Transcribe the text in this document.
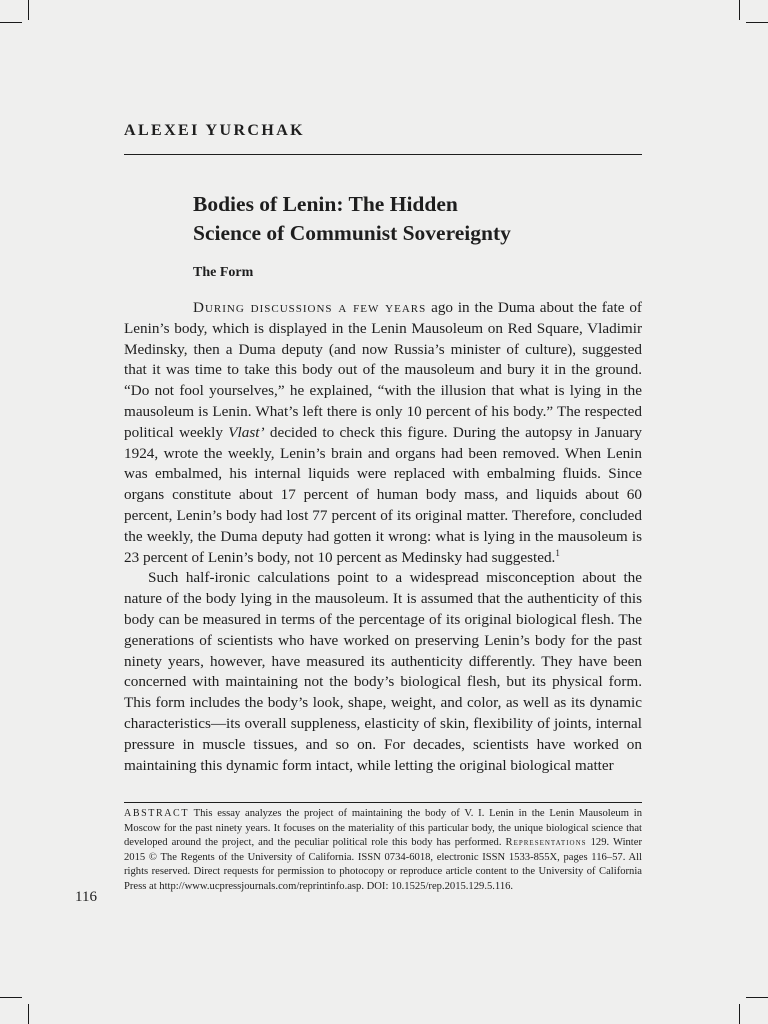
ALEXEI YURCHAK

Bodies of Lenin: The Hidden
Science of Communist Sovereignty
The Form

During discussions a few years ago in the Duma about the fate of Lenin’s body, which is displayed in the Lenin Mausoleum on Red Square, Vladimir Medinsky, then a Duma deputy (and now Russia’s minister of culture), suggested that it was time to take this body out of the mausoleum and bury it in the ground. “Do not fool yourselves,” he explained, “with the illusion that what is lying in the mausoleum is Lenin. What’s left there is only 10 percent of his body.” The respected political weekly Vlast’ decided to check this figure. During the autopsy in January 1924, wrote the weekly, Lenin’s brain and organs had been removed. When Lenin was embalmed, his internal liquids were replaced with embalming fluids. Since organs constitute about 17 percent of human body mass, and liquids about 60 percent, Lenin’s body had lost 77 percent of its original matter. Therefore, concluded the weekly, the Duma deputy had gotten it wrong: what is lying in the mausoleum is 23 percent of Lenin’s body, not 10 percent as Medinsky had suggested.$^1$

Such half-ironic calculations point to a widespread misconception about the nature of the body lying in the mausoleum. It is assumed that the authenticity of this body can be measured in terms of the percentage of its original biological flesh. The generations of scientists who have worked on preserving Lenin’s body for the past ninety years, however, have measured its authenticity differently. They have been concerned with maintaining not the body’s biological flesh, but its physical form. This form includes the body’s look, shape, weight, and color, as well as its dynamic characteristics—its overall suppleness, elasticity of skin, flexibility of joints, internal pressure in muscle tissues, and so on. For decades, scientists have worked on maintaining this dynamic form intact, while letting the original biological matter

ABSTRACT This essay analyzes the project of maintaining the body of V. I. Lenin in the Lenin Mausoleum in Moscow for the past ninety years. It focuses on the materiality of this particular body, the unique biological science that developed around the project, and the peculiar political role this body has performed. Representations 129. Winter 2015 © The Regents of the University of California. ISSN 0734-6018, electronic ISSN 1533-855X, pages 116–57. All rights reserved. Direct requests for permission to photocopy or reproduce article content to the University of California Press at http://www.ucpressjournals.com/reprintinfo.asp. DOI: 10.1525/rep.2015.129.5.116.

116
